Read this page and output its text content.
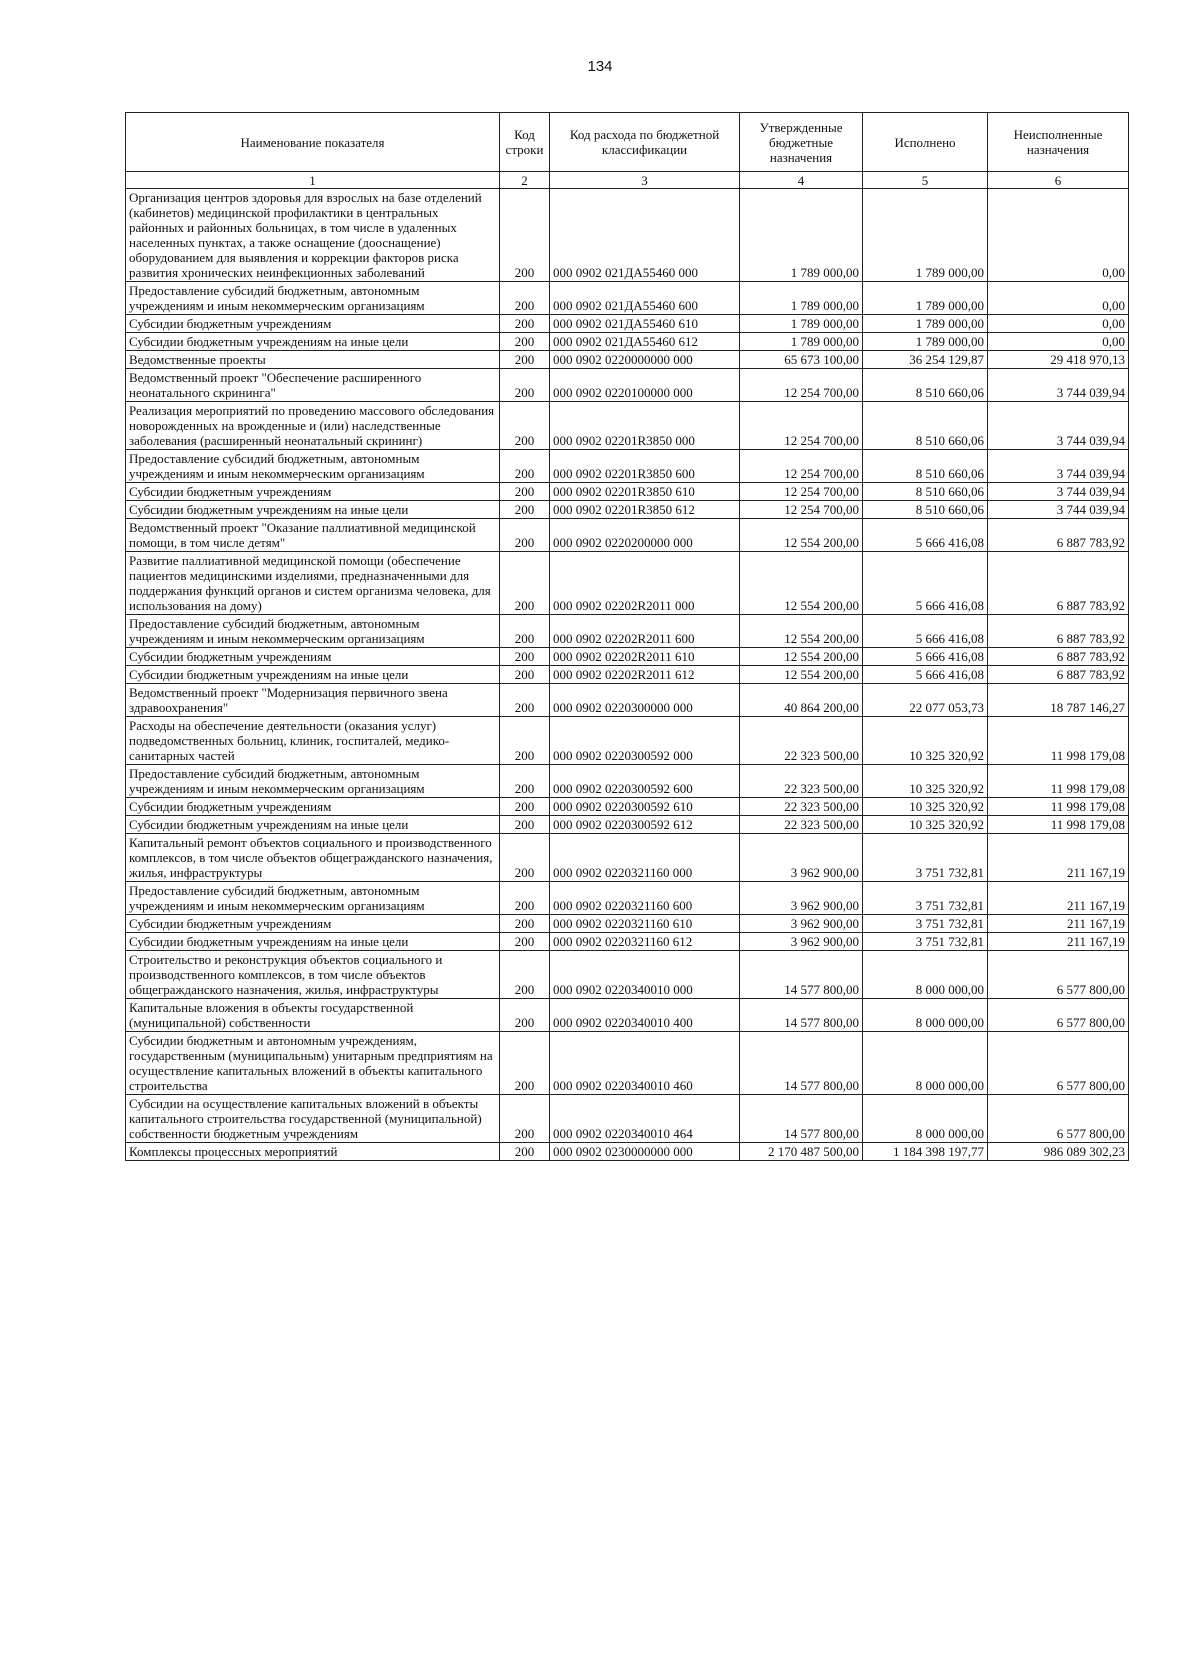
134
Наименование показателя	Код строки	Код расхода по бюджетной классификации	Утвержденные бюджетные назначения	Исполнено	Неисполненные назначения
1	2	3	4	5	6
Организация центров здоровья для взрослых на базе отделений (кабинетов) медицинской профилактики в центральных районных и районных больницах, в том числе в удаленных населенных пунктах, а также оснащение (дооснащение) оборудованием для выявления и коррекции факторов риска развития хронических неинфекционных заболеваний	200	000 0902 021ДА55460 000	1 789 000,00	1 789 000,00	0,00
Предоставление субсидий бюджетным, автономным учреждениям и иным некоммерческим организациям	200	000 0902 021ДА55460 600	1 789 000,00	1 789 000,00	0,00
Субсидии бюджетным учреждениям	200	000 0902 021ДА55460 610	1 789 000,00	1 789 000,00	0,00
Субсидии бюджетным учреждениям на иные цели	200	000 0902 021ДА55460 612	1 789 000,00	1 789 000,00	0,00
Ведомственные проекты	200	000 0902 0220000000 000	65 673 100,00	36 254 129,87	29 418 970,13
Ведомственный проект "Обеспечение расширенного неонатального скрининга"	200	000 0902 0220100000 000	12 254 700,00	8 510 660,06	3 744 039,94
Реализация мероприятий по проведению массового обследования новорожденных на врожденные и (или) наследственные заболевания (расширенный неонатальный скрининг)	200	000 0902 02201R3850 000	12 254 700,00	8 510 660,06	3 744 039,94
Предоставление субсидий бюджетным, автономным учреждениям и иным некоммерческим организациям	200	000 0902 02201R3850 600	12 254 700,00	8 510 660,06	3 744 039,94
Субсидии бюджетным учреждениям	200	000 0902 02201R3850 610	12 254 700,00	8 510 660,06	3 744 039,94
Субсидии бюджетным учреждениям на иные цели	200	000 0902 02201R3850 612	12 254 700,00	8 510 660,06	3 744 039,94
Ведомственный проект "Оказание паллиативной медицинской помощи, в том числе детям"	200	000 0902 0220200000 000	12 554 200,00	5 666 416,08	6 887 783,92
Развитие паллиативной медицинской помощи (обеспечение пациентов медицинскими изделиями, предназначенными для поддержания функций органов и систем организма человека, для использования на дому)	200	000 0902 02202R2011 000	12 554 200,00	5 666 416,08	6 887 783,92
Предоставление субсидий бюджетным, автономным учреждениям и иным некоммерческим организациям	200	000 0902 02202R2011 600	12 554 200,00	5 666 416,08	6 887 783,92
Субсидии бюджетным учреждениям	200	000 0902 02202R2011 610	12 554 200,00	5 666 416,08	6 887 783,92
Субсидии бюджетным учреждениям на иные цели	200	000 0902 02202R2011 612	12 554 200,00	5 666 416,08	6 887 783,92
Ведомственный проект "Модернизация первичного звена здравоохранения"	200	000 0902 0220300000 000	40 864 200,00	22 077 053,73	18 787 146,27
Расходы на обеспечение деятельности (оказания услуг) подведомственных больниц, клиник, госпиталей, медико-санитарных частей	200	000 0902 0220300592 000	22 323 500,00	10 325 320,92	11 998 179,08
Предоставление субсидий бюджетным, автономным учреждениям и иным некоммерческим организациям	200	000 0902 0220300592 600	22 323 500,00	10 325 320,92	11 998 179,08
Субсидии бюджетным учреждениям	200	000 0902 0220300592 610	22 323 500,00	10 325 320,92	11 998 179,08
Субсидии бюджетным учреждениям на иные цели	200	000 0902 0220300592 612	22 323 500,00	10 325 320,92	11 998 179,08
Капитальный ремонт объектов социального и производственного комплексов, в том числе объектов общегражданского назначения, жилья, инфраструктуры	200	000 0902 0220321160 000	3 962 900,00	3 751 732,81	211 167,19
Предоставление субсидий бюджетным, автономным учреждениям и иным некоммерческим организациям	200	000 0902 0220321160 600	3 962 900,00	3 751 732,81	211 167,19
Субсидии бюджетным учреждениям	200	000 0902 0220321160 610	3 962 900,00	3 751 732,81	211 167,19
Субсидии бюджетным учреждениям на иные цели	200	000 0902 0220321160 612	3 962 900,00	3 751 732,81	211 167,19
Строительство и реконструкция объектов социального и производственного комплексов, в том числе объектов общегражданского назначения, жилья, инфраструктуры	200	000 0902 0220340010 000	14 577 800,00	8 000 000,00	6 577 800,00
Капитальные вложения в объекты государственной (муниципальной) собственности	200	000 0902 0220340010 400	14 577 800,00	8 000 000,00	6 577 800,00
Субсидии бюджетным и автономным учреждениям, государственным (муниципальным) унитарным предприятиям на осуществление капитальных вложений в объекты капитального строительства	200	000 0902 0220340010 460	14 577 800,00	8 000 000,00	6 577 800,00
Субсидии на осуществление капитальных вложений в объекты капитального строительства государственной (муниципальной) собственности бюджетным учреждениям	200	000 0902 0220340010 464	14 577 800,00	8 000 000,00	6 577 800,00
Комплексы процессных мероприятий	200	000 0902 0230000000 000	2 170 487 500,00	1 184 398 197,77	986 089 302,23
